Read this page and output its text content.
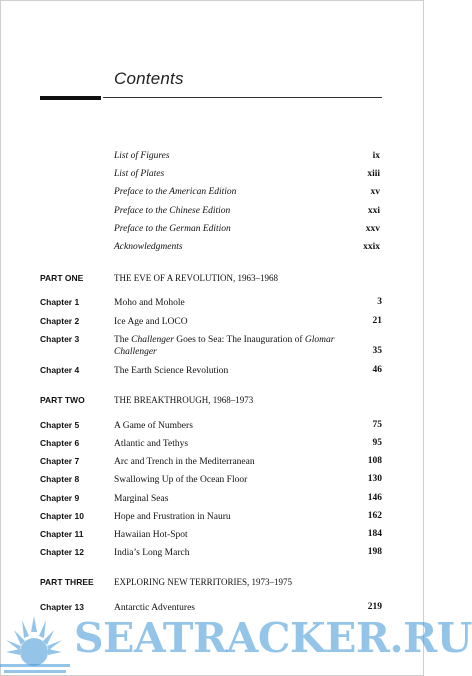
Contents
List of Figures	ix
List of Plates	xiii
Preface to the American Edition	xv
Preface to the Chinese Edition	xxi
Preface to the German Edition	xxv
Acknowledgments	xxix
PART ONE	THE EVE OF A REVOLUTION, 1963–1968
Chapter 1	Moho and Mohole	3
Chapter 2	Ice Age and LOCO	21
Chapter 3	The Challenger Goes to Sea: The Inauguration of Glomar Challenger	35
Chapter 4	The Earth Science Revolution	46
PART TWO	THE BREAKTHROUGH, 1968–1973
Chapter 5	A Game of Numbers	75
Chapter 6	Atlantic and Tethys	95
Chapter 7	Arc and Trench in the Mediterranean	108
Chapter 8	Swallowing Up of the Ocean Floor	130
Chapter 9	Marginal Seas	146
Chapter 10	Hope and Frustration in Nauru	162
Chapter 11	Hawaiian Hot-Spot	184
Chapter 12	India’s Long March	198
PART THREE EXPLORING NEW TERRITORIES, 1973–1975
Chapter 13	Antarctic Adventures	219
SEATRACKER.RU
